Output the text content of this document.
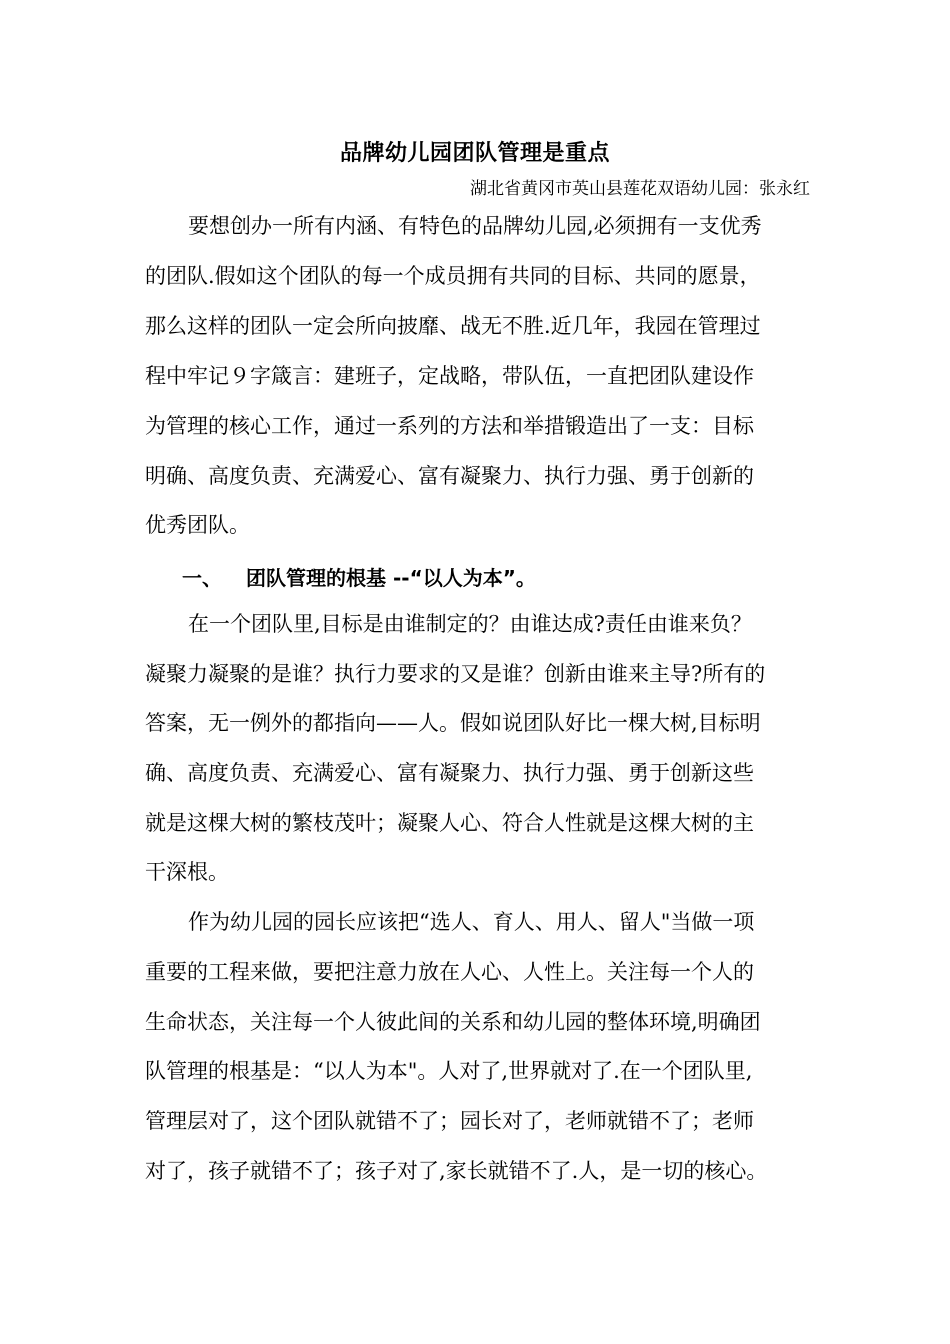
品牌幼儿园团队管理是重点
湖北省黄冈市英山县莲花双语幼儿园：张永红
要想创办一所有内涵、有特色的品牌幼儿园,必须拥有一支优秀
的团队.假如这个团队的每一个成员拥有共同的目标、共同的愿景，
那么这样的团队一定会所向披靡、战无不胜.近几年，我园在管理过
程中牢记９字箴言：建班子，定战略，带队伍，一直把团队建设作
为管理的核心工作，通过一系列的方法和举措锻造出了一支：目标
明确、高度负责、充满爱心、富有凝聚力、执行力强、勇于创新的
优秀团队。
一、 团队管理的根基 --“以人为本”。
在一个团队里,目标是由谁制定的？由谁达成?责任由谁来负？
凝聚力凝聚的是谁？执行力要求的又是谁？创新由谁来主导?所有的
答案，无一例外的都指向——人。假如说团队好比一棵大树,目标明
确、高度负责、充满爱心、富有凝聚力、执行力强、勇于创新这些
就是这棵大树的繁枝茂叶；凝聚人心、符合人性就是这棵大树的主
干深根。
作为幼儿园的园长应该把“选人、育人、用人、留人"当做一项
重要的工程来做，要把注意力放在人心、人性上。关注每一个人的
生命状态，关注每一个人彼此间的关系和幼儿园的整体环境,明确团
队管理的根基是：“以人为本"。人对了,世界就对了.在一个团队里,
管理层对了，这个团队就错不了；园长对了，老师就错不了；老师
对了，孩子就错不了；孩子对了,家长就错不了.人，是一切的核心。
